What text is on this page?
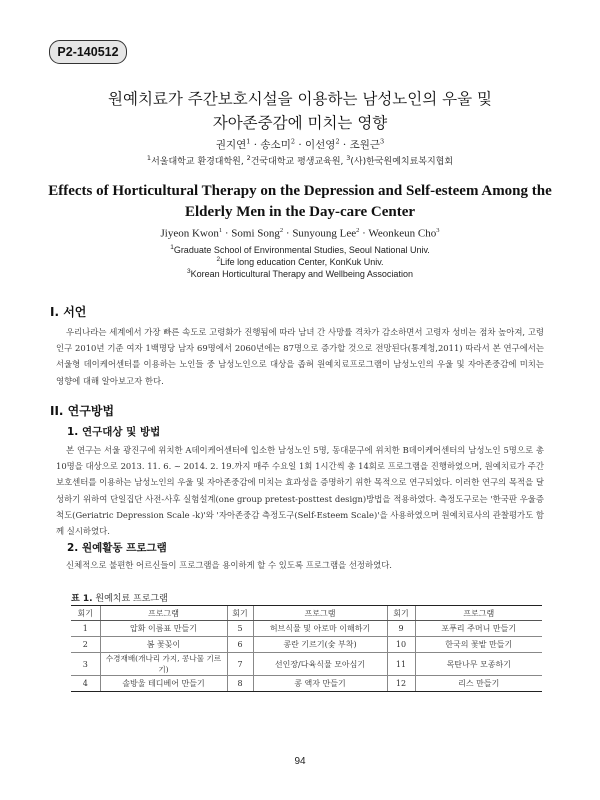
P2-140512
원예치료가 주간보호시설을 이용하는 남성노인의 우울 및
자아존중감에 미치는 영향
권지연$^1$ · 송소미$^2$ · 이선영$^2$ · 조원근$^3$
$^1$서울대학교 환경대학원, $^2$건국대학교 평생교육원, $^3$(사)한국원예치료복지협회
Effects of Horticultural Therapy on the Depression and Self-esteem Among the
Elderly Men in the Day-care Center
Jiyeon Kwon$^1$ · Somi Song$^2$ · Sunyoung Lee$^2$ · Weonkeun Cho$^3$
$^1$Graduate School of Environmental Studies, Seoul National Univ.
$^2$Life long education Center, KonKuk Univ.
$^3$Korean Horticultural Therapy and Wellbeing Association
I. 서언

우리나라는 세계에서 가장 빠른 속도로 고령화가 진행됨에 따라 남녀 간 사망률 격차가 감소하면서 고령자 성비는 점차 높아져, 고령인구 2010년 기준 여자 1백명당 남자 69명에서 2060년에는 87명으로 증가할 것으로 전망된다(통계청,2011) 따라서 본 연구에서는 서울형 데이케어센터를 이용하는 노인들 중 남성노인으로 대상을 좁혀 원예치료프로그램이 남성노인의 우울 및 자아존중감에 미치는 영향에 대해 알아보고자 한다.

II. 연구방법
1. 연구대상 및 방법

본 연구는 서울 광진구에 위치한 A데이케어센터에 입소한 남성노인 5명, 동대문구에 위치한 B데이케어센터의 남성노인 5명으로 총 10명을 대상으로 2013. 11. 6. ~ 2014. 2. 19.까지 매주 수요일 1회 1시간씩 총 14회로 프로그램을 진행하였으며, 원예치료가 주간보호센터를 이용하는 남성노인의 우울 및 자아존중감에 미치는 효과성을 증명하기 위한 목적으로 연구되었다. 이러한 연구의 목적을 달성하기 위하여 단일집단 사전-사후 실험설계(one group pretest-posttest design)방법을 적용하였다. 측정도구로는 '한국판 우울증 척도(Geriatric Depression Scale -k)'와 '자아존중감 측정도구(Self-Esteem Scale)'을 사용하였으며 원예치료사의 관찰평가도 함께 실시하였다.

2. 원예활동 프로그램

신체적으로 불편한 어르신들이 프로그램을 용이하게 할 수 있도록 프로그램을 선정하였다.

표 1. 원예치료 프로그램
회기	프로그램	회기	프로그램	회기	프로그램
1	압화 이름표 만들기	5	허브식물 및 아로마 이해하기	9	포푸리 주머니 만들기
2	봄 꽃꽂이	6	콩란 기르기(숯 부착)	10	한국의 꽃밭 만들기
3	수경재배(개나리 가지, 콩나물 기르기)	7	선인장/다육식물 모아심기	11	목탄나무 모종하기
4	솔방울 테디베어 만들기	8	콩 액자 만들기	12	리스 만들기
94
